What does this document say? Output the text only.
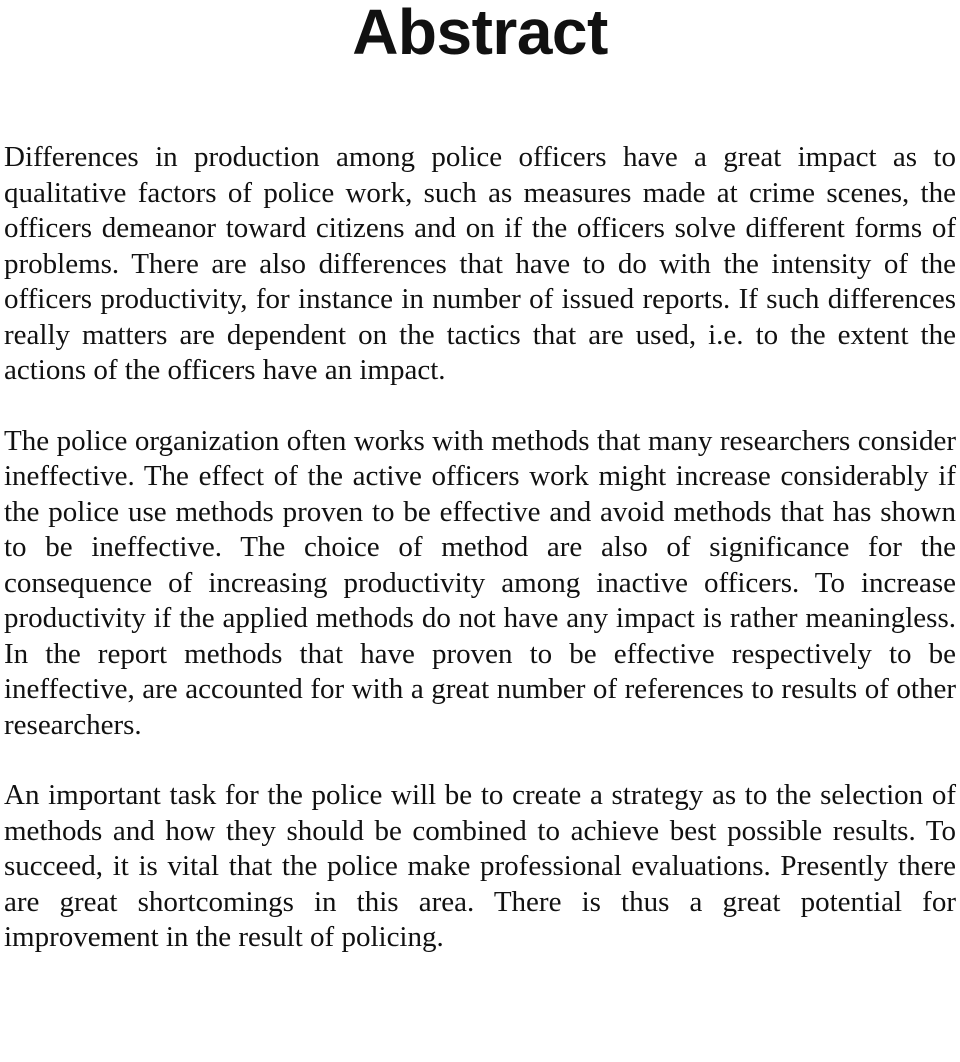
Abstract

Differences in production among police officers have a great impact as to qualitative factors of police work, such as measures made at crime scenes, the officers demeanor toward citizens and on if the officers solve different forms of problems. There are also differences that have to do with the intensity of the officers productivity, for instance in number of issued reports. If such differences really matters are dependent on the tactics that are used, i.e. to the extent the actions of the officers have an impact.

The police organization often works with methods that many researchers consider ineffective. The effect of the active officers work might increase considerably if the police use methods proven to be effective and avoid methods that has shown to be ineffective. The choice of method are also of significance for the consequence of increasing productivity among inactive officers. To increase productivity if the applied methods do not have any impact is rather meaningless. In the report methods that have proven to be effective respectively to be ineffective, are accounted for with a great number of references to results of other researchers.

An important task for the police will be to create a strategy as to the selection of methods and how they should be combined to achieve best possible results. To succeed, it is vital that the police make professional evaluations. Presently there are great shortcomings in this area. There is thus a great potential for improvement in the result of policing.
